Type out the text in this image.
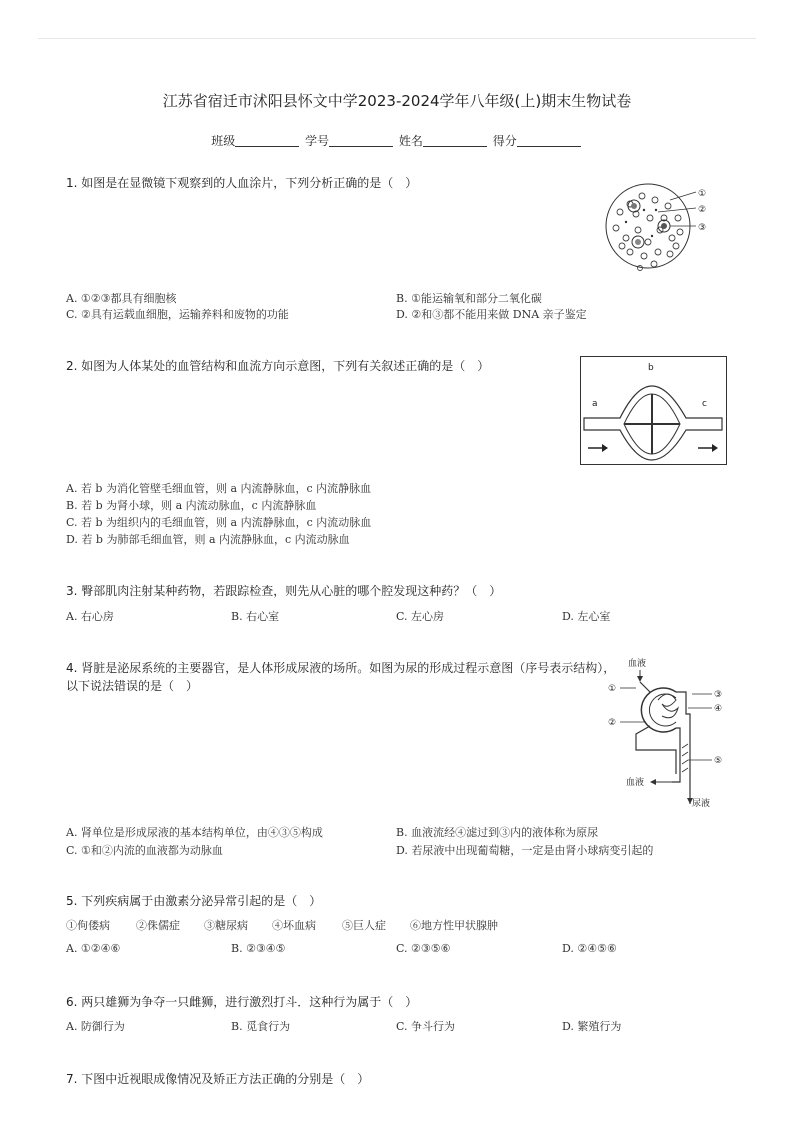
江苏省宿迁市沭阳县怀文中学2023-2024学年八年级(上)期末生物试卷
班级	学号	姓名	得分
1. 如图是在显微镜下观察到的人血涂片，下列分析正确的是（　）
①
②
③
A. ①②③都具有细胞核	B. ①能运输氧和部分二氧化碳
C. ②具有运载血细胞，运输养料和废物的功能	D. ②和③都不能用来做 DNA 亲子鉴定
2. 如图为人体某处的血管结构和血流方向示意图，下列有关叙述正确的是（　）
a
b
c
A. 若 b 为消化管壁毛细血管，则 a 内流静脉血，c 内流静脉血
B. 若 b 为肾小球，则 a 内流动脉血，c 内流静脉血
C. 若 b 为组织内的毛细血管，则 a 内流静脉血，c 内流动脉血
D. 若 b 为肺部毛细血管，则 a 内流静脉血，c 内流动脉血
3. 臀部肌肉注射某种药物，若跟踪检查，则先从心脏的哪个腔发现这种药？（　）
A. 右心房	B. 右心室	C. 左心房	D. 左心室
4. 肾脏是泌尿系统的主要器官，是人体形成尿液的场所。如图为尿的形成过程示意图（序号表示结构），
以下说法错误的是（　）
血液
①
②
③
④
⑤
血液
尿液
A. 肾单位是形成尿液的基本结构单位，由④③⑤构成	B. 血液流经④滤过到③内的液体称为原尿
C. ①和②内流的血液都为动脉血	D. 若尿液中出现葡萄糖，一定是由肾小球病变引起的
5. 下列疾病属于由激素分泌异常引起的是（　）
①佝偻病 ②侏儒症 ③糖尿病 ④坏血病 ⑤巨人症 ⑥地方性甲状腺肿
A. ①②④⑥	B. ②③④⑤	C. ②③⑤⑥	D. ②④⑤⑥
6. 两只雄狮为争夺一只雌狮，进行激烈打斗．这种行为属于（　）
A. 防御行为	B. 觅食行为	C. 争斗行为	D. 繁殖行为
7. 下图中近视眼成像情况及矫正方法正确的分别是（　）
